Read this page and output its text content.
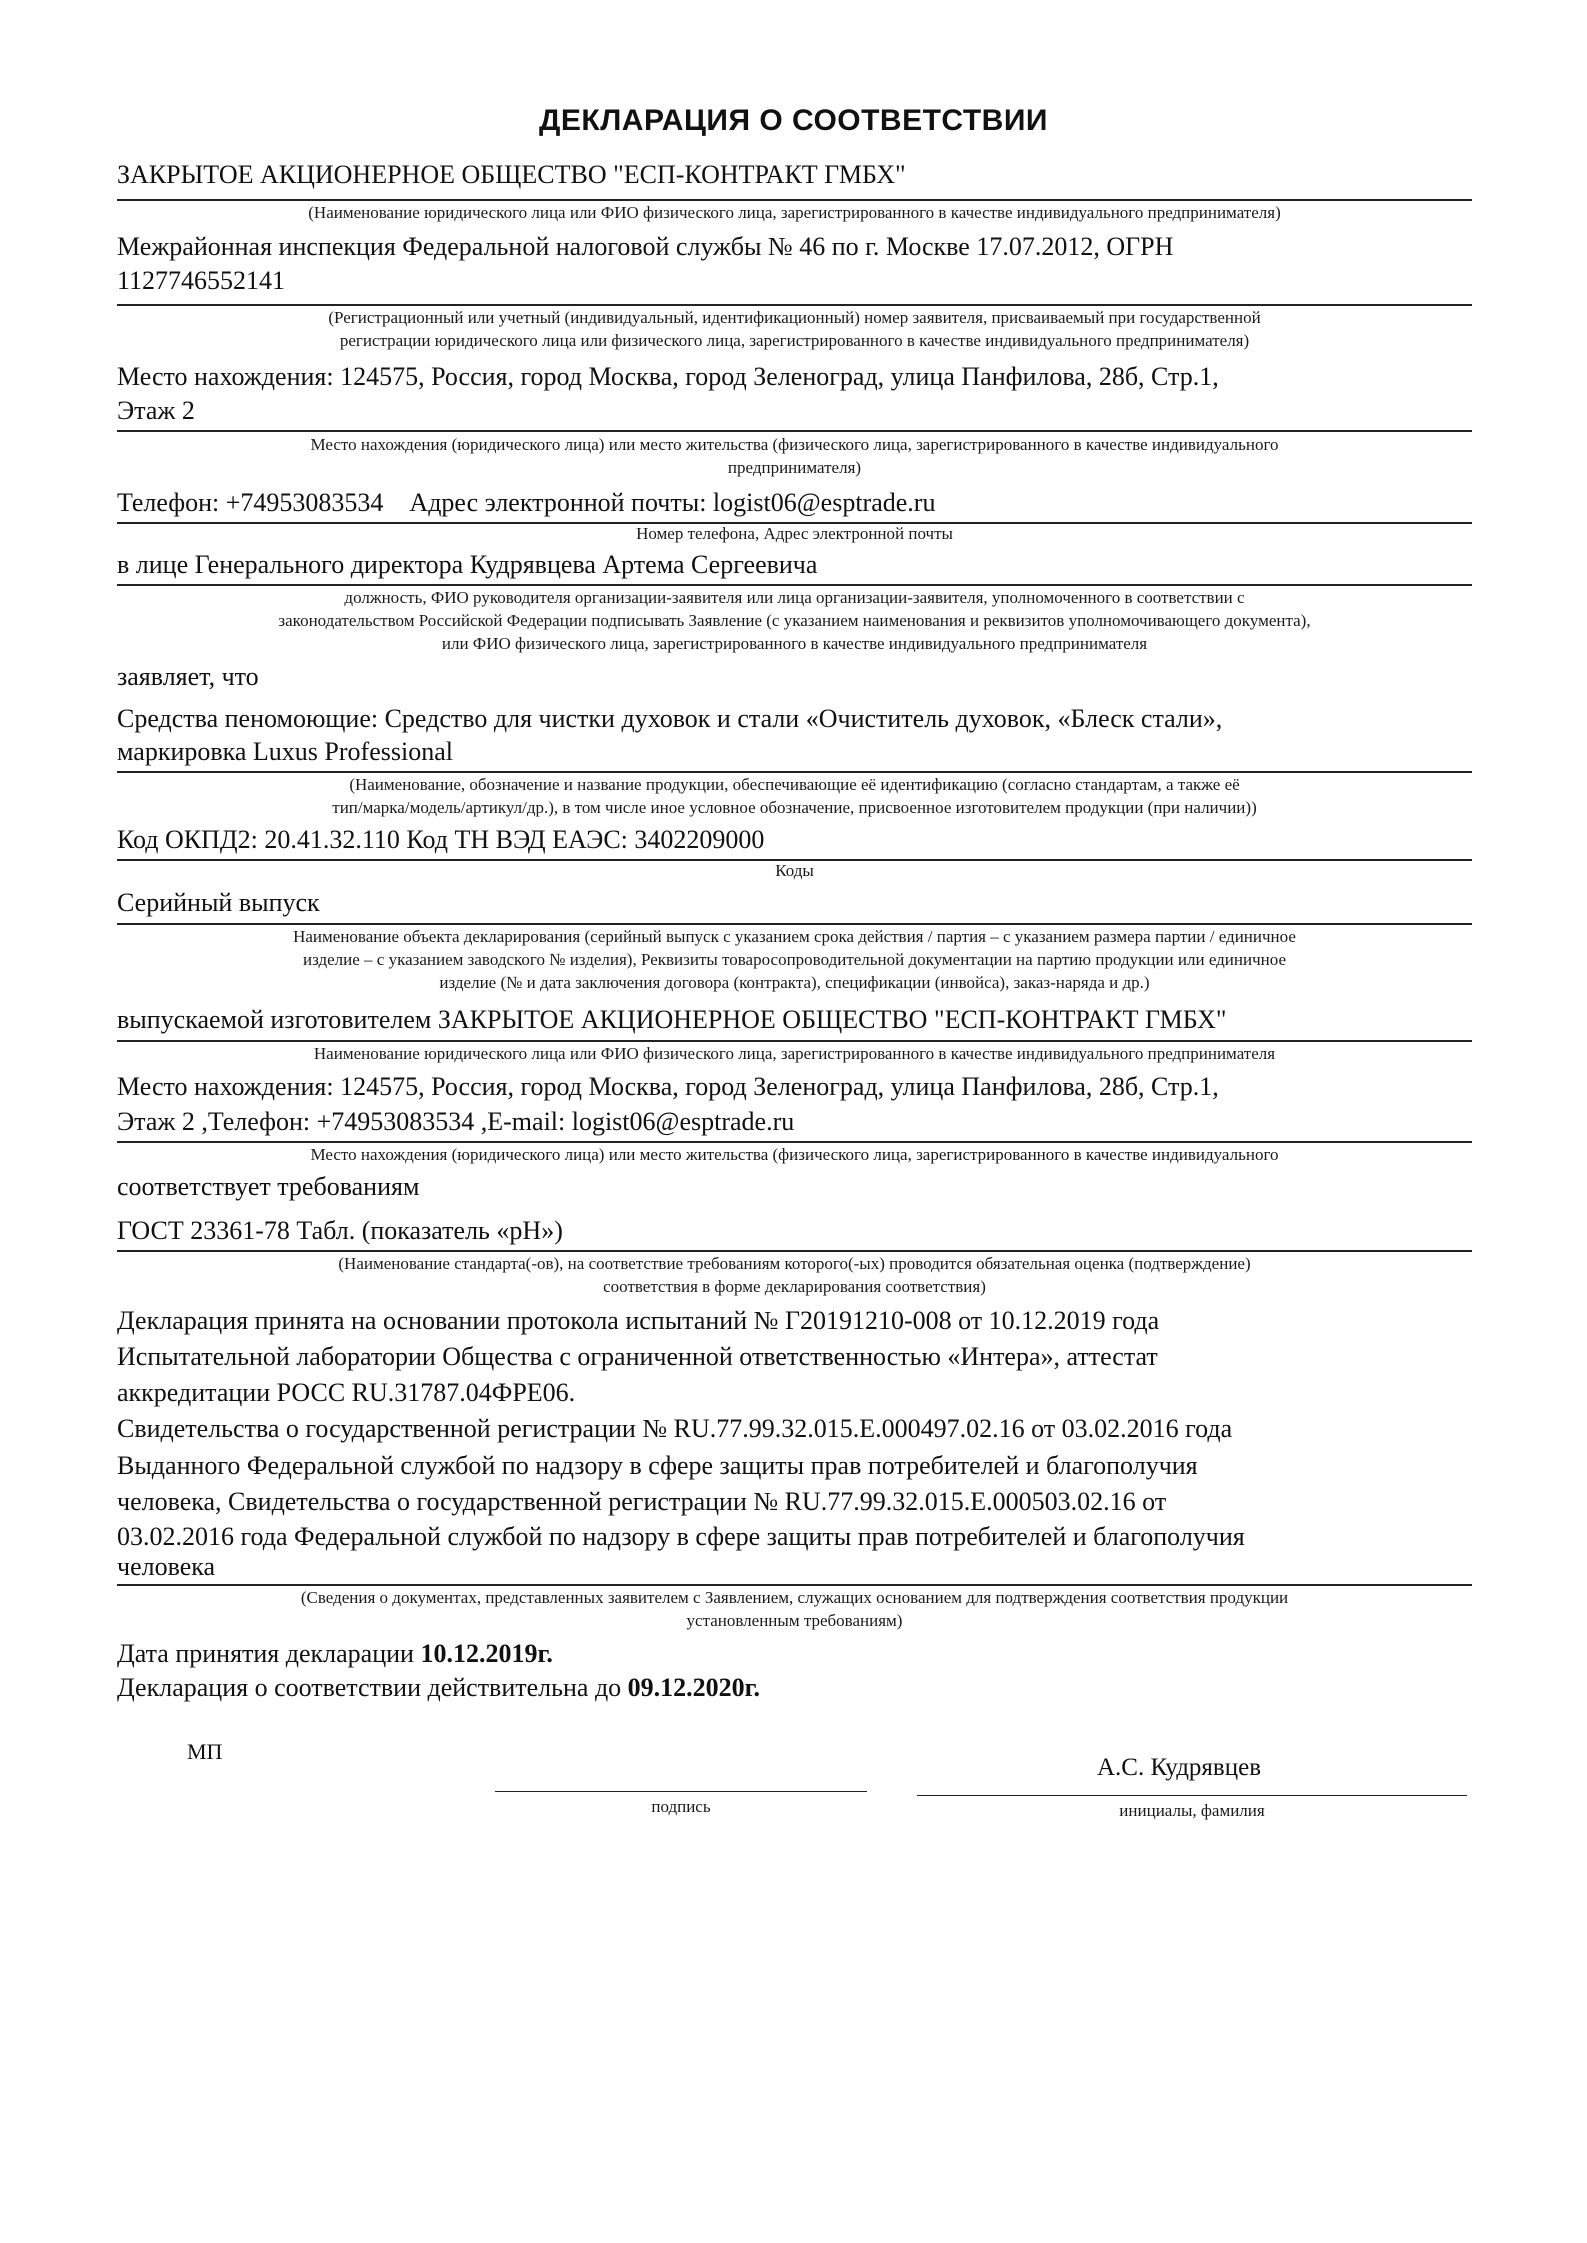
ДЕКЛАРАЦИЯ О СООТВЕТСТВИИ
ЗАКРЫТОЕ АКЦИОНЕРНОЕ ОБЩЕСТВО "ЕСП-КОНТРАКТ ГМБХ"
(Наименование юридического лица или ФИО физического лица, зарегистрированного в качестве индивидуального предпринимателя)
Межрайонная инспекция Федеральной налоговой службы № 46 по г. Москве 17.07.2012, ОГРН
1127746552141
(Регистрационный или учетный (индивидуальный, идентификационный) номер заявителя, присваиваемый при государственной
регистрации юридического лица или физического лица, зарегистрированного в качестве индивидуального предпринимателя)
Место нахождения: 124575, Россия, город Москва, город Зеленоград, улица Панфилова, 28б, Стр.1,
Этаж 2
Место нахождения (юридического лица) или место жительства (физического лица, зарегистрированного в качестве индивидуального
предпринимателя)
Телефон: +74953083534    Адрес электронной почты: logist06@esptrade.ru
Номер телефона, Адрес электронной почты
в лице Генерального директора Кудрявцева Артема Сергеевича
должность, ФИО руководителя организации-заявителя или лица организации-заявителя, уполномоченного в соответствии с
законодательством Российской Федерации подписывать Заявление (с указанием наименования и реквизитов уполномочивающего документа),
или ФИО физического лица, зарегистрированного в качестве индивидуального предпринимателя
заявляет, что
Средства пеномоющие: Средство для чистки духовок и стали «Очиститель духовок, «Блеск стали»,
маркировка Luxus Professional
(Наименование, обозначение и название продукции, обеспечивающие её идентификацию (согласно стандартам, а также её
тип/марка/модель/артикул/др.), в том числе иное условное обозначение, присвоенное изготовителем продукции (при наличии))
Код ОКПД2: 20.41.32.110 Код ТН ВЭД ЕАЭС: 3402209000
Коды
Серийный выпуск
Наименование объекта декларирования (серийный выпуск с указанием срока действия / партия – с указанием размера партии / единичное
изделие – с указанием заводского № изделия), Реквизиты товаросопроводительной документации на партию продукции или единичное
изделие (№ и дата заключения договора (контракта), спецификации (инвойса), заказ-наряда и др.)
выпускаемой изготовителем ЗАКРЫТОЕ АКЦИОНЕРНОЕ ОБЩЕСТВО "ЕСП-КОНТРАКТ ГМБХ"
Наименование юридического лица или ФИО физического лица, зарегистрированного в качестве индивидуального предпринимателя
Место нахождения: 124575, Россия, город Москва, город Зеленоград, улица Панфилова, 28б, Стр.1,
Этаж 2 ,Телефон: +74953083534 ,E-mail: logist06@esptrade.ru
Место нахождения (юридического лица) или место жительства (физического лица, зарегистрированного в качестве индивидуального
соответствует требованиям
ГОСТ 23361-78 Табл. (показатель «pH»)
(Наименование стандарта(-ов), на соответствие требованиям которого(-ых) проводится обязательная оценка (подтверждение)
соответствия в форме декларирования соответствия)
Декларация принята на основании протокола испытаний № Г20191210-008 от 10.12.2019 года
Испытательной лаборатории Общества с ограниченной ответственностью «Интера», аттестат
аккредитации РОСС RU.31787.04ФРЕ06.
Свидетельства о государственной регистрации № RU.77.99.32.015.Е.000497.02.16 от 03.02.2016 года
Выданного Федеральной службой по надзору в сфере защиты прав потребителей и благополучия
человека, Свидетельства о государственной регистрации № RU.77.99.32.015.Е.000503.02.16 от
03.02.2016 года Федеральной службой по надзору в сфере защиты прав потребителей и благополучия
человека
(Сведения о документах, представленных заявителем с Заявлением, служащих основанием для подтверждения соответствия продукции
установленным требованиям)
Дата принятия декларации 10.12.2019г.
Декларация о соответствии действительна до 09.12.2020г.
МП
А.С. Кудрявцев
подпись	инициалы, фамилия
